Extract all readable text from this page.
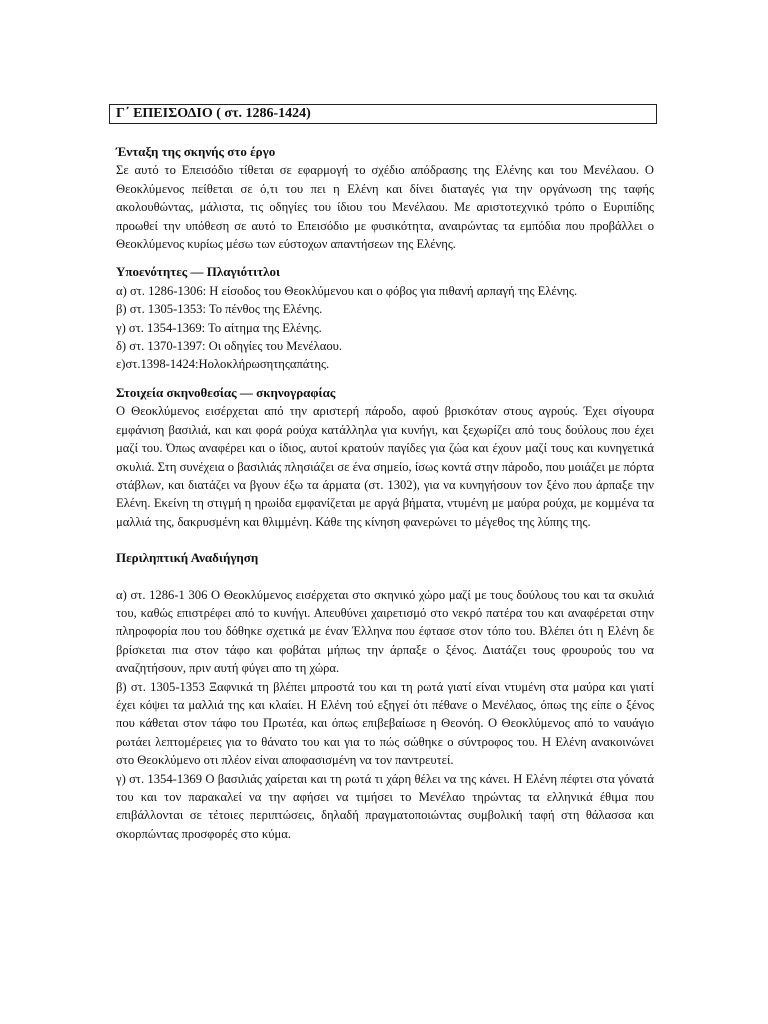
Γ΄ ΕΠΕΙΣΟΔΙΟ ( στ. 1286-1424)

Ένταξη της σκηνής στο έργο

Σε αυτό το Επεισόδιο τίθεται σε εφαρμογή το σχέδιο απόδρασης της Ελένης και του Μενέλαου. Ο Θεοκλύμενος πείθεται σε ό,τι του πει η Ελένη και δίνει διαταγές για την οργάνωση της ταφής ακολουθώντας, μάλιστα, τις οδηγίες του ίδιου του Μενέλαου. Με αριστοτεχνικό τρόπο ο Ευριπίδης προωθεί την υπόθεση σε αυτό το Επεισόδιο με φυσικότητα, αναιρώντας τα εμπόδια που προβάλλει ο Θεοκλύμενος κυρίως μέσω των εύστοχων απαντήσεων της Ελένης.

Υποενότητες — Πλαγιότιτλοι

α) στ. 1286-1306: Η είσοδος του Θεοκλύμενου και ο φόβος για πιθανή αρπαγή της Ελένης.

β) στ. 1305-1353: Το πένθος της Ελένης.

γ) στ. 1354-1369: Το αίτημα της Ελένης.

δ) στ. 1370-1397: Οι οδηγίες του Μενέλαου.

ε)στ.1398-1424:Ηολοκλήρωσητηςαπάτης.

Στοιχεία σκηνοθεσίας — σκηνογραφίας

Ο Θεοκλύμενος εισέρχεται από την αριστερή πάροδο, αφού βρισκόταν στους αγρούς. Έχει σίγουρα εμφάνιση βασιλιά, και και φορά ρούχα κατάλληλα για κυνήγι, και ξεχωρίζει από τους δούλους που έχει μαζί του. Όπως αναφέρει και ο ίδιος, αυτοί κρατούν παγίδες για ζώα και έχουν μαζί τους και κυνηγετικά σκυλιά. Στη συνέχεια ο βασιλιάς πλησιάζει σε ένα σημείο, ίσως κοντά στην πάροδο, που μοιάζει με πόρτα στάβλων, και διατάζει να βγουν έξω τα άρματα (στ. 1302), για να κυνηγήσουν τον ξένο που άρπαξε την Ελένη. Εκείνη τη στιγμή η ηρωίδα εμφανίζεται με αργά βήματα, ντυμένη με μαύρα ρούχα, με κομμένα τα μαλλιά της, δακρυσμένη και θλιμμένη. Κάθε της κίνηση φανερώνει το μέγεθος της λύπης της.

Περιληπτική Αναδιήγηση

α) στ. 1286-1 306 Ο Θεοκλύμενος εισέρχεται στο σκηνικό χώρο μαζί με τους δούλους του και τα σκυλιά του, καθώς επιστρέφει από το κυνήγι. Απευθύνει χαιρετισμό στο νεκρό πατέρα του και αναφέρεται στην πληροφορία που του δόθηκε σχετικά με έναν Έλληνα που έφτασε στον τόπο του. Βλέπει ότι η Ελένη δε βρίσκεται πια στον τάφο και φοβάται μήπως την άρπαξε ο ξένος. Διατάζει τους φρουρούς του να αναζητήσουν, πριν αυτή φύγει απο τη χώρα.

β) στ. 1305-1353 Ξαφνικά τη βλέπει μπροστά του και τη ρωτά γιατί είναι ντυμένη στα μαύρα και γιατί έχει κόψει τα μαλλιά της και κλαίει. Η Ελένη τού εξηγεί ότι πέθανε ο Μενέλαος, όπως της είπε ο ξένος που κάθεται στον τάφο του Πρωτέα, και όπως επιβεβαίωσε η Θεονόη. Ο Θεοκλύμενος από το ναυάγιο ρωτάει λεπτομέρειες για το θάνατο του και για το πώς σώθηκε ο σύντροφος του. Η Ελένη ανακοινώνει στο Θεοκλύμενο οτι πλέον είναι αποφασισμένη να τον παντρευτεί.

γ) στ. 1354-1369 Ο βασιλιάς χαίρεται και τη ρωτά τι χάρη θέλει να της κάνει. Η Ελένη πέφτει στα γόνατά του και τον παρακαλεί να την αφήσει να τιμήσει το Μενέλαο τηρώντας τα ελληνικά έθιμα που επιβάλλονται σε τέτοιες περιπτώσεις, δηλαδή πραγματοποιώντας συμβολική ταφή στη θάλασσα και σκορπώντας προσφορές στο κύμα.
